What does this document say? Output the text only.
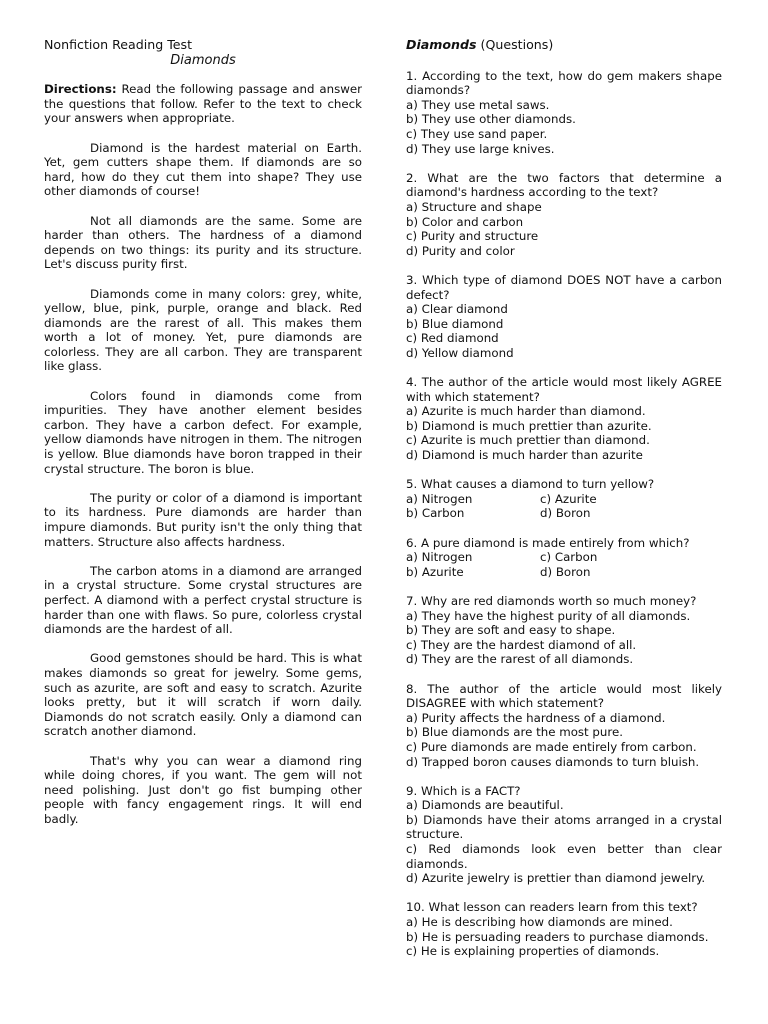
Nonfiction Reading Test
Diamonds
Directions: Read the following passage and answer the questions that follow. Refer to the text to check your answers when appropriate.
Diamond is the hardest material on Earth. Yet, gem cutters shape them. If diamonds are so hard, how do they cut them into shape? They use other diamonds of course!
Not all diamonds are the same. Some are harder than others. The hardness of a diamond depends on two things: its purity and its structure. Let's discuss purity first.
Diamonds come in many colors: grey, white, yellow, blue, pink, purple, orange and black. Red diamonds are the rarest of all. This makes them worth a lot of money. Yet, pure diamonds are colorless. They are all carbon. They are transparent like glass.
Colors found in diamonds come from impurities. They have another element besides carbon. They have a carbon defect. For example, yellow diamonds have nitrogen in them. The nitrogen is yellow. Blue diamonds have boron trapped in their crystal structure. The boron is blue.
The purity or color of a diamond is important to its hardness. Pure diamonds are harder than impure diamonds. But purity isn't the only thing that matters. Structure also affects hardness.
The carbon atoms in a diamond are arranged in a crystal structure. Some crystal structures are perfect. A diamond with a perfect crystal structure is harder than one with flaws. So pure, colorless crystal diamonds are the hardest of all.
Good gemstones should be hard. This is what makes diamonds so great for jewelry. Some gems, such as azurite, are soft and easy to scratch. Azurite looks pretty, but it will scratch if worn daily. Diamonds do not scratch easily. Only a diamond can scratch another diamond.
That's why you can wear a diamond ring while doing chores, if you want. The gem will not need polishing. Just don't go fist bumping other people with fancy engagement rings. It will end badly.
Diamonds (Questions)
1. According to the text, how do gem makers shape diamonds?
a) They use metal saws.
b) They use other diamonds.
c) They use sand paper.
d) They use large knives.
2. What are the two factors that determine a diamond's hardness according to the text?
a) Structure and shape
b) Color and carbon
c) Purity and structure
d) Purity and color
3. Which type of diamond DOES NOT have a carbon defect?
a) Clear diamond
b) Blue diamond
c) Red diamond
d) Yellow diamond
4. The author of the article would most likely AGREE with which statement?
a) Azurite is much harder than diamond.
b) Diamond is much prettier than azurite.
c) Azurite is much prettier than diamond.
d) Diamond is much harder than azurite
5. What causes a diamond to turn yellow?
a) Nitrogen	c) Azurite
b) Carbon	d) Boron
6. A pure diamond is made entirely from which?
a) Nitrogen	c) Carbon
b) Azurite	d) Boron
7. Why are red diamonds worth so much money?
a) They have the highest purity of all diamonds.
b) They are soft and easy to shape.
c) They are the hardest diamond of all.
d) They are the rarest of all diamonds.
8. The author of the article would most likely DISAGREE with which statement?
a) Purity affects the hardness of a diamond.
b) Blue diamonds are the most pure.
c) Pure diamonds are made entirely from carbon.
d) Trapped boron causes diamonds to turn bluish.
9. Which is a FACT?
a) Diamonds are beautiful.
b) Diamonds have their atoms arranged in a crystal structure.
c) Red diamonds look even better than clear diamonds.
d) Azurite jewelry is prettier than diamond jewelry.
10. What lesson can readers learn from this text?
a) He is describing how diamonds are mined.
b) He is persuading readers to purchase diamonds.
c) He is explaining properties of diamonds.
